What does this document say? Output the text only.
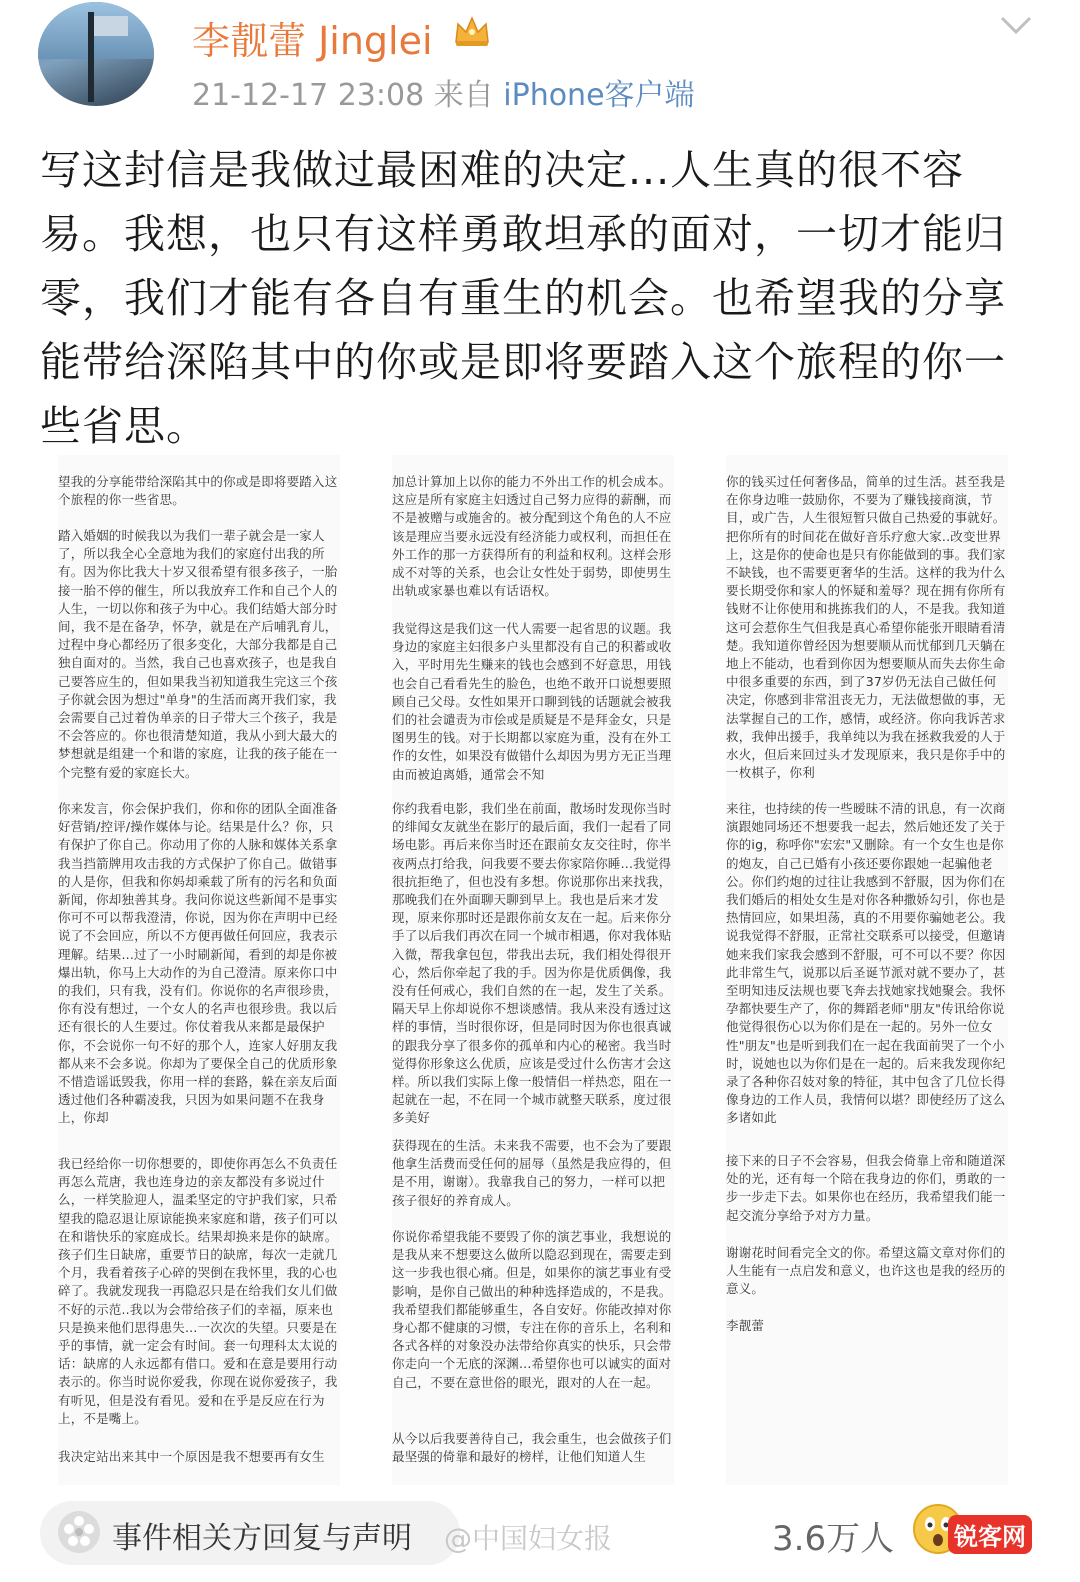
李靓蕾 Jinglei
21-12-17 23:08 来自 iPhone客户端
写这封信是我做过最困难的决定...人生真的很不容易。我想，也只有这样勇敢坦承的面对，一切才能归零，我们才能有各自有重生的机会。也希望我的分享能带给深陷其中的你或是即将要踏入这个旅程的你一些省思。
望我的分享能带给深陷其中的你或是即将要踏入这个旅程的你一些省思。
踏入婚姻的时候我以为我们一辈子就会是一家人了，所以我全心全意地为我们的家庭付出我的所有。因为你比我大十岁又很希望有很多孩子，一胎接一胎不停的催生，所以我放弃工作和自己个人的人生，一切以你和孩子为中心。我们结婚大部分时间，我不是在备孕，怀孕，就是在产后哺乳育儿，过程中身心都经历了很多变化，大部分我都是自己独自面对的。当然，我自己也喜欢孩子，也是我自己要答应生的，但如果我当初知道我生完这三个孩子你就会因为想过"单身"的生活而离开我们家，我会需要自己过着伪单亲的日子带大三个孩子，我是不会答应的。你也很清楚知道，我从小到大最大的梦想就是组建一个和谐的家庭，让我的孩子能在一个完整有爱的家庭长大。
你来发言，你会保护我们，你和你的团队全面准备好营销/控评/操作媒体与论。结果是什么？你，只有保护了你自己。你动用了你的人脉和媒体关系拿我当挡箭牌用攻击我的方式保护了你自己。做错事的人是你，但我和你妈却乘载了所有的污名和负面新闻，你却独善其身。我问你说这些新闻不是事实你可不可以帮我澄清，你说，因为你在声明中已经说了不会回应，所以不方便再做任何回应，我表示理解。结果...过了一小时刷新闻，看到的却是你被爆出轨，你马上大动作的为自己澄清。原来你口中的我们，只有我，没有们。你说你的名声很珍贵，你有没有想过，一个女人的名声也很珍贵。我以后还有很长的人生要过。你仗着我从来都是最保护你，不会说你一句不好的那个人，连家人好朋友我都从来不会多说。你却为了要保全自己的优质形象不惜造谣诋毁我，你用一样的套路，躲在亲友后面透过他们各种霸凌我，只因为如果问题不在我身上，你却
我已经给你一切你想要的，即使你再怎么不负责任再怎么荒唐，我也连身边的亲友都没有多说过什么，一样笑脸迎人，温柔坚定的守护我们家，只希望我的隐忍退让原谅能换来家庭和谐，孩子们可以在和谐快乐的家庭成长。结果却换来是你的缺席。孩子们生日缺席，重要节日的缺席，每次一走就几个月，我看着孩子心碎的哭倒在我怀里，我的心也碎了。我就发现我一再隐忍只是在给我们女儿们做不好的示范..我以为会带给孩子们的幸福，原来也只是换来他们思得患失...一次次的失望。只要是在乎的事情，就一定会有时间。套一句理科太太说的话：缺席的人永远都有借口。爱和在意是要用行动表示的。你当时说你爱我，你现在说你爱孩子，我有听见，但是没有看见。爱和在乎是反应在行为上，不是嘴上。
我决定站出来其中一个原因是我不想要再有女生
加总计算加上以你的能力不外出工作的机会成本。这应是所有家庭主妇透过自己努力应得的薪酬，而不是被赠与或施舍的。被分配到这个角色的人不应该是理应当要永远没有经济能力或权利，而担任在外工作的那一方获得所有的利益和权利。这样会形成不对等的关系，也会让女性处于弱势，即使男生出轨或家暴也难以有话语权。
我觉得这是我们这一代人需要一起省思的议题。我身边的家庭主妇很多户头里都没有自己的积蓄或收入，平时用先生赚来的钱也会感到不好意思，用钱也会自己看看先生的脸色，也绝不敢开口说想要照顾自己父母。女性如果开口聊到钱的话题就会被我们的社会谴责为市侩或是质疑是不是拜金女，只是图男生的钱。对于长期都以家庭为重，没有在外工作的女性，如果没有做错什么却因为男方无正当理由而被迫离婚，通常会不知
你约我看电影，我们坐在前面，散场时发现你当时的绯闻女友就坐在影厅的最后面，我们一起看了同场电影。再后来你当时还在跟前女友交往时，你半夜两点打给我，问我要不要去你家陪你睡...我觉得很抗拒绝了，但也没有多想。你说那你出来找我，那晚我们在外面聊天聊到早上。我也是后来才发现，原来你那时还是跟你前女友在一起。后来你分手了以后我们再次在同一个城市相遇，你对我体贴入微，帮我拿包包，带我出去玩，我们相处得很开心，然后你牵起了我的手。因为你是优质偶像，我没有任何戒心，我们自然的在一起，发生了关系。隔天早上你却说你不想谈感情。我从来没有透过这样的事情，当时很你讶，但是同时因为你也很真诚的跟我分享了很多你的孤单和内心的秘密。我当时觉得你形象这么优质，应该是受过什么伤害才会这样。所以我们实际上像一般情侣一样热恋，阻在一起就在一起，不在同一个城市就整天联系，度过很多美好
获得现在的生活。未来我不需要，也不会为了要跟他拿生活费而受任何的屈辱（虽然是我应得的，但是不用，谢谢）。我靠我自己的努力，一样可以把孩子很好的养育成人。
你说你希望我能不要毁了你的演艺事业，我想说的是我从来不想要这么做所以隐忍到现在，需要走到这一步我也很心痛。但是，如果你的演艺事业有受影响，是你自己做出的种种选择造成的，不是我。我希望我们都能够重生，各自安好。你能改掉对你身心都不健康的习惯，专注在你的音乐上，名利和各式各样的对象没办法带给你真实的快乐，只会带你走向一个无底的深渊...希望你也可以诚实的面对自己，不要在意世俗的眼光，跟对的人在一起。
从今以后我要善待自己，我会重生，也会做孩子们最坚强的倚靠和最好的榜样，让他们知道人生
你的钱买过任何奢侈品，简单的过生活。甚至我是在你身边唯一鼓励你，不要为了赚钱接商演，节目，或广告，人生很短暂只做自己热爱的事就好。把你所有的时间花在做好音乐疗愈大家..改变世界上，这是你的使命也是只有你能做到的事。我们家不缺钱，也不需要更奢华的生活。这样的我为什么要长期受你和家人的怀疑和羞辱？现在拥有你所有钱财不让你使用和挑拣我们的人，不是我。我知道这可会惹你生气但我是真心希望你能张开眼睛看清楚。我知道你曾经因为想要顺从而忧郁到几天躺在地上不能动，也看到你因为想要顺从而失去你生命中很多重要的东西，到了37岁仍无法自己做任何决定，你感到非常沮丧无力，无法做想做的事，无法掌握自己的工作，感情，或经济。你向我诉苦求救，我伸出援手，我单纯以为我在拯救我爱的人于水火，但后来回过头才发现原来，我只是你手中的一枚棋子，你利
来往，也持续的传一些暧昧不清的讯息，有一次商演跟她同场还不想要我一起去，然后她还发了关于你的ig，称呼你"宏宏"又删除。有一个女生也是你的炮友，自己已婚有小孩还要你跟她一起骗他老公。你们约炮的过往让我感到不舒服，因为你们在我们婚后的相处女生是对你各种撒娇勾引，你也是热情回应，如果坦荡，真的不用要你骗她老公。我说我觉得不舒服，正常社交联系可以接受，但邀请她来我们家我会感到不舒服，可不可以不要？你因此非常生气，说那以后圣诞节派对就不要办了，甚至明知违反法规也要飞奔去找她家找她聚会。我怀孕都快要生产了，你的舞蹈老师"朋友"传讯给你说他觉得很伤心以为你们是在一起的。另外一位女性"朋友"也是听到我们在一起在我面前哭了一个小时，说她也以为你们是在一起的。后来我发现你纪录了各种你召妓对象的特征，其中包含了几位长得像身边的工作人员，我情何以堪？即使经历了这么多诸如此
接下来的日子不会容易，但我会倚靠上帝和随道深处的光，还有每一个陪在我身边的你们，勇敢的一步一步走下去。如果你也在经历，我希望我们能一起交流分享给予对方力量。
谢谢花时间看完全文的你。希望这篇文章对你们的人生能有一点启发和意义，也许这也是我的经历的意义。
李靓蕾
事件相关方回复与声明 @中国妇女报	3.6万人 锐客网
